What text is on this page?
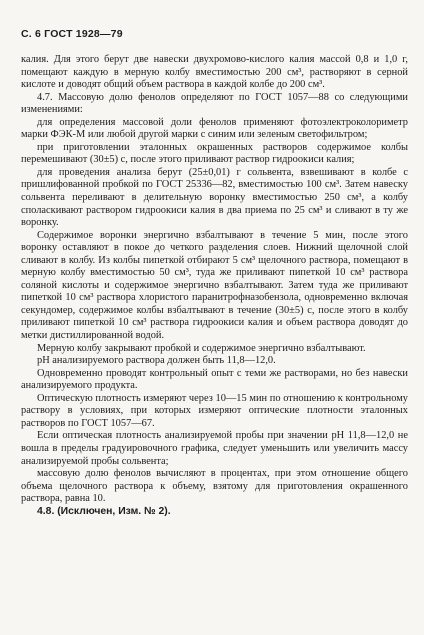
С. 6 ГОСТ 1928—79

калия. Для этого берут две навески двухромово-кислого калия массой 0,8 и 1,0 г, помещают каждую в мерную колбу вместимостью 200 см³, растворяют в серной кислоте и доводят общий объем раствора в каждой колбе до 200 см³.

4.7. Массовую долю фенолов определяют по ГОСТ 1057—88 со следующими изменениями:

для определения массовой доли фенолов применяют фотоэлектроколориметр марки ФЭК-М или любой другой марки с синим или зеленым светофильтром;

при приготовлении эталонных окрашенных растворов содержимое колбы перемешивают (30±5) с, после этого приливают раствор гидроокиси калия;

для проведения анализа берут (25±0,01) г сольвента, взвешивают в колбе с пришлифованной пробкой по ГОСТ 25336—82, вместимостью 100 см³. Затем навеску сольвента переливают в делительную воронку вместимостью 250 см³, а колбу споласкивают раствором гидроокиси калия в два приема по 25 см³ и сливают в ту же воронку.

Содержимое воронки энергично взбалтывают в течение 5 мин, после этого воронку оставляют в покое до четкого разделения слоев. Нижний щелочной слой сливают в колбу. Из колбы пипеткой отбирают 5 см³ щелочного раствора, помещают в мерную колбу вместимостью 50 см³, туда же приливают пипеткой 10 см³ раствора соляной кислоты и содержимое энергично взбалтывают. Затем туда же приливают пипеткой 10 см³ раствора хлористого паранитрофназобензола, одновременно включая секундомер, содержимое колбы взбалтывают в течение (30±5) с, после этого в колбу приливают пипеткой 10 см³ раствора гидроокиси калия и объем раствора доводят до метки дистиллированной водой.

Мерную колбу закрывают пробкой и содержимое энергично взбалтывают.

рН анализируемого раствора должен быть 11,8—12,0.

Одновременно проводят контрольный опыт с теми же растворами, но без навески анализируемого продукта.

Оптическую плотность измеряют через 10—15 мин по отношению к контрольному раствору в условиях, при которых измеряют оптические плотности эталонных растворов по ГОСТ 1057—67.

Если оптическая плотность анализируемой пробы при значении рН 11,8—12,0 не вошла в пределы градуировочного графика, следует уменьшить или увеличить массу анализируемой пробы сольвента;

массовую долю фенолов вычисляют в процентах, при этом отношение общего объема щелочного раствора к объему, взятому для приготовления окрашенного раствора, равна 10.

4.8. (Исключен, Изм. № 2).
